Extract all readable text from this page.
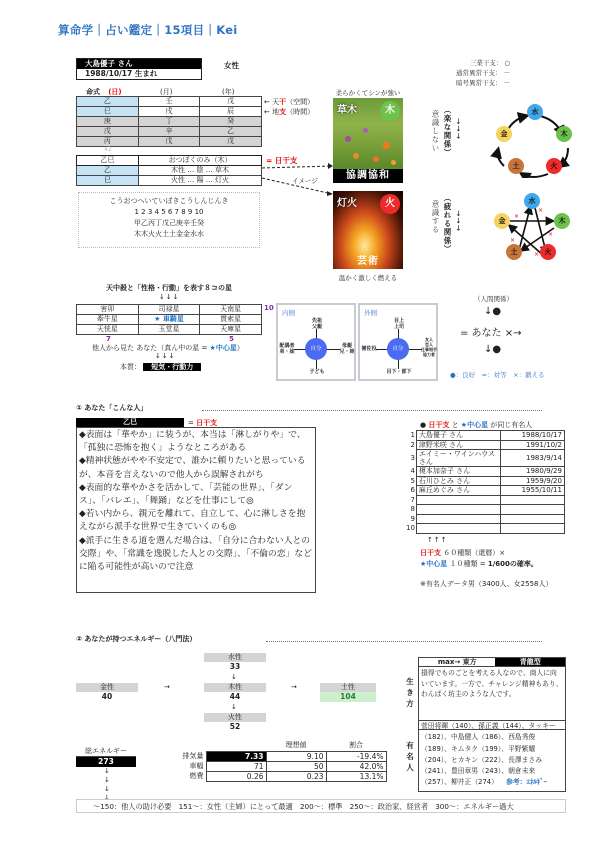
算命学｜占い鑑定｜15項目｜Kei
大島優子 さん
1988/10/17 生まれ
女性
命式 (日)	(月)	(年)
乙	壬	戊
巳	戌	辰
庚	丁	癸
戊	辛	乙
丙	戊	戊
← 天干（空間）
← 地支（時間）
42
乙巳	おつぼくのみ（木）
乙	木性 … 陰 … 草木
巳	火性 … 陽 … 灯火
= 日干支
イメージ
こうおつへいていぼきこうしんじんき
1 2 3 4 5 6 7 8 9 10
甲乙丙丁戊己庚辛壬癸
木木火火土土金金水水
柔らかくてシンが強い
草木	木
協調協和
灯火	火
芸術
温かく激しく燃える
三業干支： ○
通常異常干支： －
暗号異常干支： －
意識しない （楽な関係） →→→
水
木
火
土
金
意識する （疲れる関係） →→→	×
×
×
×
×
水
木
火
土
金
天中殺と「性格・行動」を表す８コの星
↓↓↓
害卯	司禄星	天南星
牽牛星	★ 車騎星	貫索星
天恍星	玉堂星	天庫星
10
7	5
他人から見た あなた（真ん中の星 = ★中心星）
↓↓↓
本質： 短気・行動力
内側
自分
先祖
父親
配偶者
弟・妹
母親
兄・姉
子ども
外側
自分
目上
上司
補佐役
友人
恋人
仕事相手
協力者
目下・部下
（人間関係）
↓●
= あなた ×→
↓●
●：良好　=：対等　×：鍛える
① あなた「こんな人」
乙巳	= 日干支
◆表面は「華やか」に装うが、本当は「淋しがりや」で、「孤独に恐怖を抱く」ようなところがある
◆精神状態がやや不安定で、誰かに頼りたいと思っているが、本音を言えないので他人から誤解されがち
◆表面的な華やかさを活かして、「芸能の世界」、「ダンス」、「バレエ」、「舞踊」などを仕事にして◎
◆若い内から、親元を離れて、自立して、心に淋しさを抱えながら派手な世界で生きていくのも◎
◆派手に生きる道を選んだ場合は、「自分に合わない人との交際」や、「常識を逸脱した人との交際」、「不倫の恋」などに陥る可能性が高いので注意
● 日干支 と ★中心星 が同じ有名人
1	大島優子 さん	1988/10/17
2	津野米咲 さん	1991/10/2
3	エイミー・ワインハウス さん	1983/9/14
4	榎本加奈子 さん	1980/9/29
5	石川ひとみ さん	1959/9/20
6	麻丘めぐみ さん	1955/10/11
7		
8		
9		
10		
↑↑↑
日干支 ６０種類（還暦）×
★中心星 １０種類 = 1/600の確率。
※有名人データ男（3400人、女2558人）
② あなたが持つエネルギー（八門法）
水性
33
↓
金性
40
→	木性
44
→	土性
104
↓
火性
52
総エネルギー
273
↓
↓
↓
↓
		理想値	割合
排気量	7.33	9.10	-19.4%
車幅	71	50	42.0%
燃費	0.26	0.23	13.1%
生き方
max→ 東方	青龍型
損得でものごとを考える人なので、商人に向いています。一方で、チャレンジ精神もあり、わんぱく坊主のような人です。
有名人
菅田将暉（140）、孫正義（144）、タッキー（182）、中島健人（186）、西島秀俊（189）、キムタク（199）、平野紫耀（204）、ヒカキン（222）、長澤まさみ（241）、豊田章男（243）、朝倉未来（257）、柳井正（274） 参考：ｴﾈﾙｷﾞｰ
～150：他人の助け必要　151～：女性（主婦）にとって最適　200～：標準　250～：政治家、経営者　300～：エネルギー過大
